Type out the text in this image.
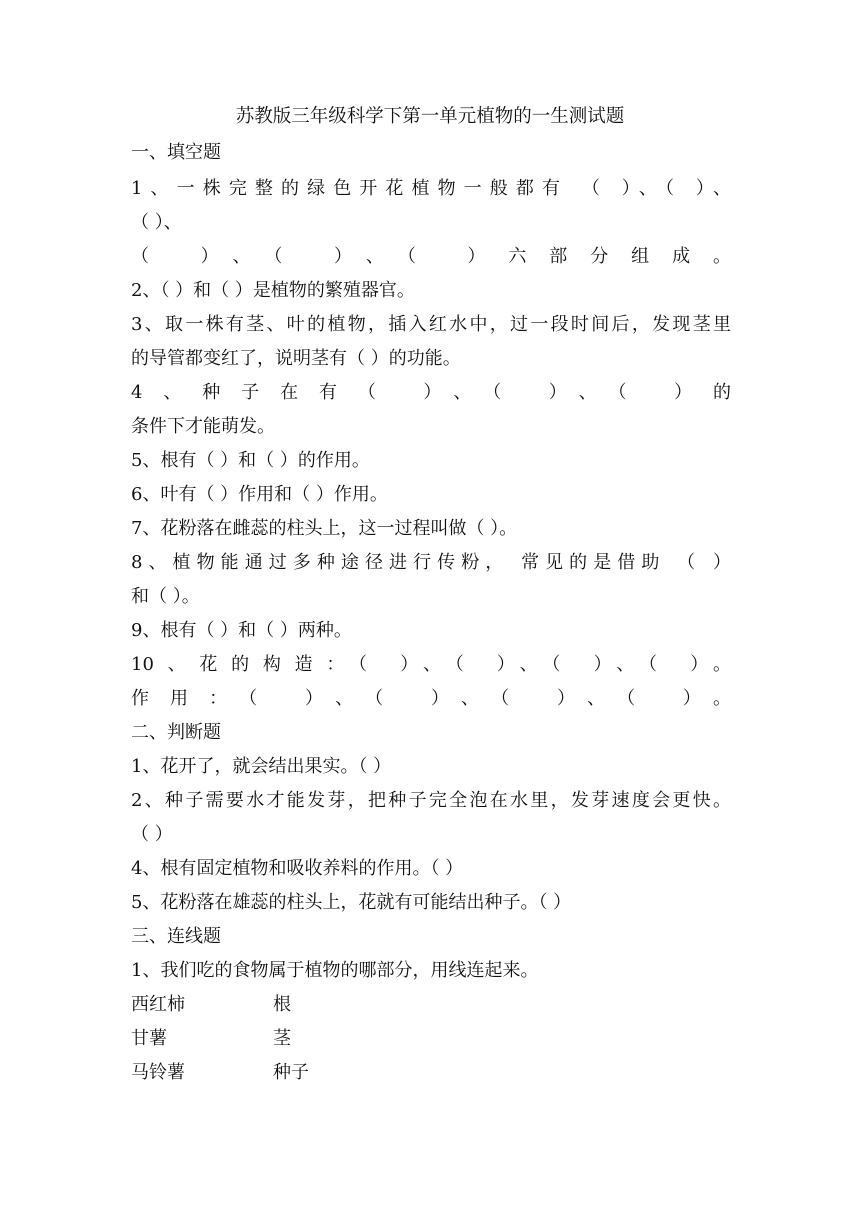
苏教版三年级科学下第一单元植物的一生测试题
一、填空题
1、一株完整的绿色开花植物一般都有 （ ）、（ ）、
（ ）、
（ ）、（ ）、（ ）六部分组成。
2、（ ）和（ ）是植物的繁殖器官。
3、取一株有茎、叶的植物，插入红水中，过一段时间后，发现茎里
的导管都变红了，说明茎有（ ）的功能。
4、种子在有（ ）、（ ）、（ ）的
条件下才能萌发。
5、根有（ ）和（ ）的作用。
6、叶有（ ）作用和（ ）作用。
7、花粉落在雌蕊的柱头上，这一过程叫做（ ）。
8、植物能通过多种途径进行传粉， 常见的是借助 （ ）
和（ ）。
9、根有（ ）和（ ）两种。
10、花的构造：（ ）、（ ）、（ ）、（ ）。
作用：（ ）、（ ）、（ ）、（ ）。
二、判断题
1、花开了，就会结出果实。（ ）
2、种子需要水才能发芽，把种子完全泡在水里，发芽速度会更快。
（ ）
4、根有固定植物和吸收养料的作用。（ ）
5、花粉落在雄蕊的柱头上，花就有可能结出种子。（ ）
三、连线题
1、我们吃的食物属于植物的哪部分，用线连起来。
西红柿	根
甘薯	茎
马铃薯	种子
